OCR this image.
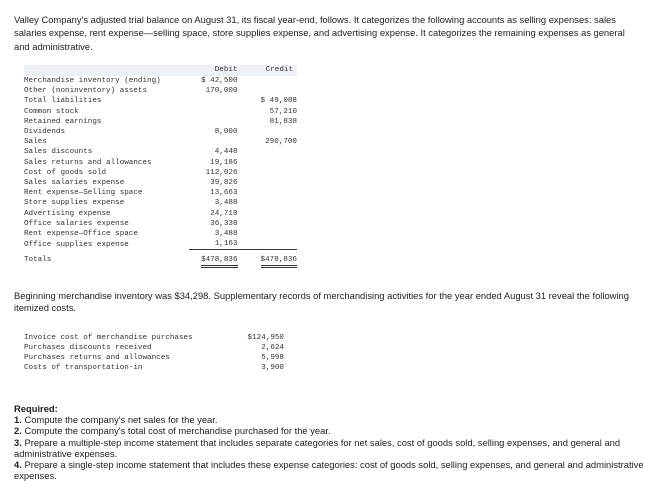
Valley Company's adjusted trial balance on August 31, its fiscal year-end, follows. It categorizes the following accounts as selling expenses: sales salaries expense, rent expense—selling space, store supplies expense, and advertising expense. It categorizes the remaining expenses as general and administrative.

	Debit	Credit
Merchandise inventory (ending)	$ 42,500	
Other (noninventory) assets	170,000	
Total liabilities		$ 49,088
Common stock		57,210
Retained earnings		81,838
Dividends	8,000	
Sales		290,700
Sales discounts	4,448	
Sales returns and allowances	19,186	
Cost of goods sold	112,026	
Sales salaries expense	39,826	
Rent expense—Selling space	13,663	
Store supplies expense	3,488	
Advertising expense	24,710	
Office salaries expense	36,338	
Rent expense—Office space	3,488	
Office supplies expense	1,163	
Totals	$478,836	$478,836

Beginning merchandise inventory was $34,298. Supplementary records of merchandising activities for the year ended August 31 reveal the following itemized costs.

Invoice cost of merchandise purchases	$124,950
Purchases discounts received	2,624
Purchases returns and allowances	5,998
Costs of transportation-in	3,900
Required:
1. Compute the company's net sales for the year.
2. Compute the company's total cost of merchandise purchased for the year.
3. Prepare a multiple-step income statement that includes separate categories for net sales, cost of goods sold, selling expenses, and general and administrative expenses.
4. Prepare a single-step income statement that includes these expense categories: cost of goods sold, selling expenses, and general and administrative expenses.
